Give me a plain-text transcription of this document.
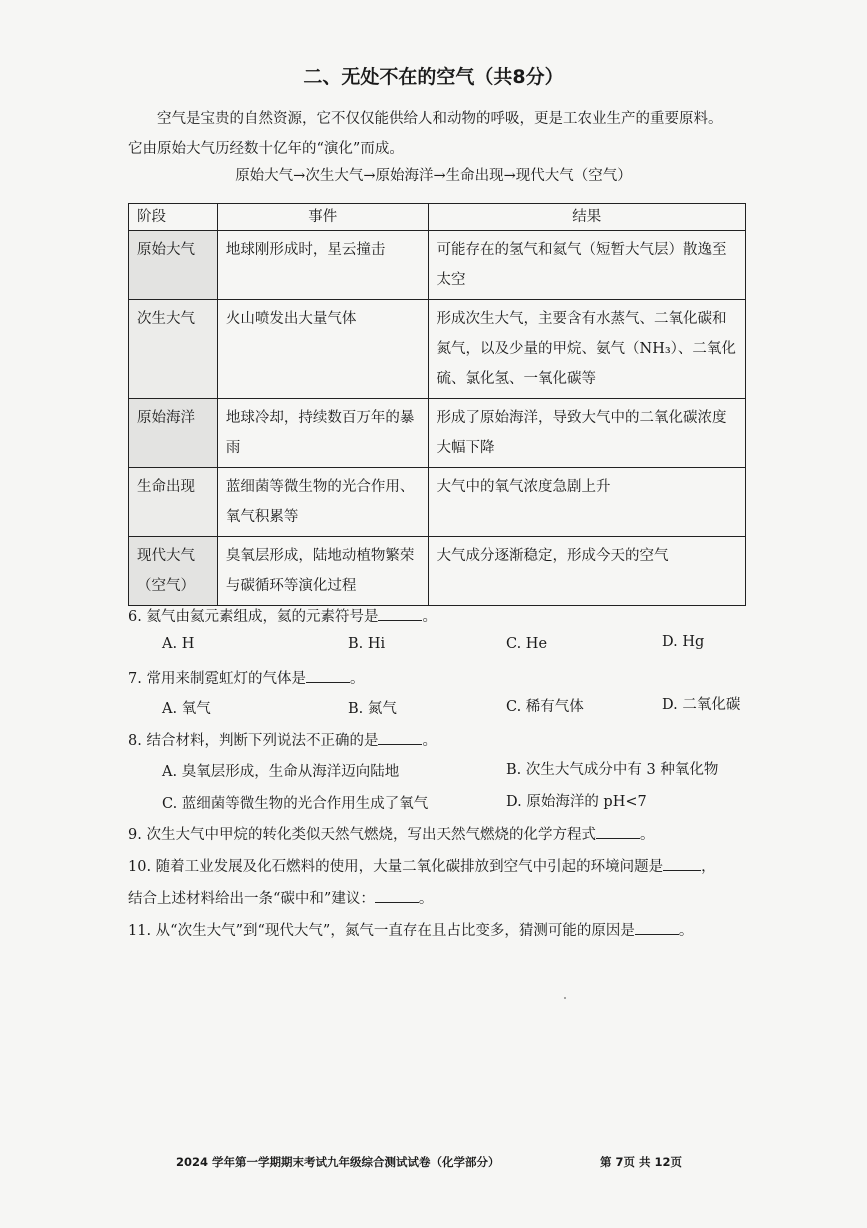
二、无处不在的空气（共8分）

空气是宝贵的自然资源，它不仅仅能供给人和动物的呼吸，更是工农业生产的重要原料。

它由原始大气历经数十亿年的“演化”而成。

原始大气→次生大气→原始海洋→生命出现→现代大气（空气）
阶段	事件	结果
原始大气	地球刚形成时，星云撞击	可能存在的氢气和氦气（短暂大气层）散逸至太空
次生大气	火山喷发出大量气体	形成次生大气，主要含有水蒸气、二氧化碳和氮气，以及少量的甲烷、氨气（NH₃）、二氧化硫、氯化氢、一氧化碳等
原始海洋	地球冷却，持续数百万年的暴雨	形成了原始海洋，导致大气中的二氧化碳浓度大幅下降
生命出现	蓝细菌等微生物的光合作用、氧气积累等	大气中的氧气浓度急剧上升
现代大气（空气）	臭氧层形成，陆地动植物繁荣与碳循环等演化过程	大气成分逐渐稳定，形成今天的空气
6. 氦气由氦元素组成，氦的元素符号是	。
A. H	B. Hi	C. He	D. Hg
7. 常用来制霓虹灯的气体是	。
A. 氧气	B. 氮气	C. 稀有气体	D. 二氧化碳
8. 结合材料，判断下列说法不正确的是	。
A. 臭氧层形成，生命从海洋迈向陆地	B. 次生大气成分中有 3 种氧化物
C. 蓝细菌等微生物的光合作用生成了氧气	D. 原始海洋的 pH<7
9. 次生大气中甲烷的转化类似天然气燃烧，写出天然气燃烧的化学方程式	。
10. 随着工业发展及化石燃料的使用，大量二氧化碳排放到空气中引起的环境问题是	，
结合上述材料给出一条“碳中和”建议：	。
11. 从“次生大气”到“现代大气”，氮气一直存在且占比变多，猜测可能的原因是	。
2024 学年第一学期期末考试九年级综合测试试卷（化学部分）	第 7页 共 12页
